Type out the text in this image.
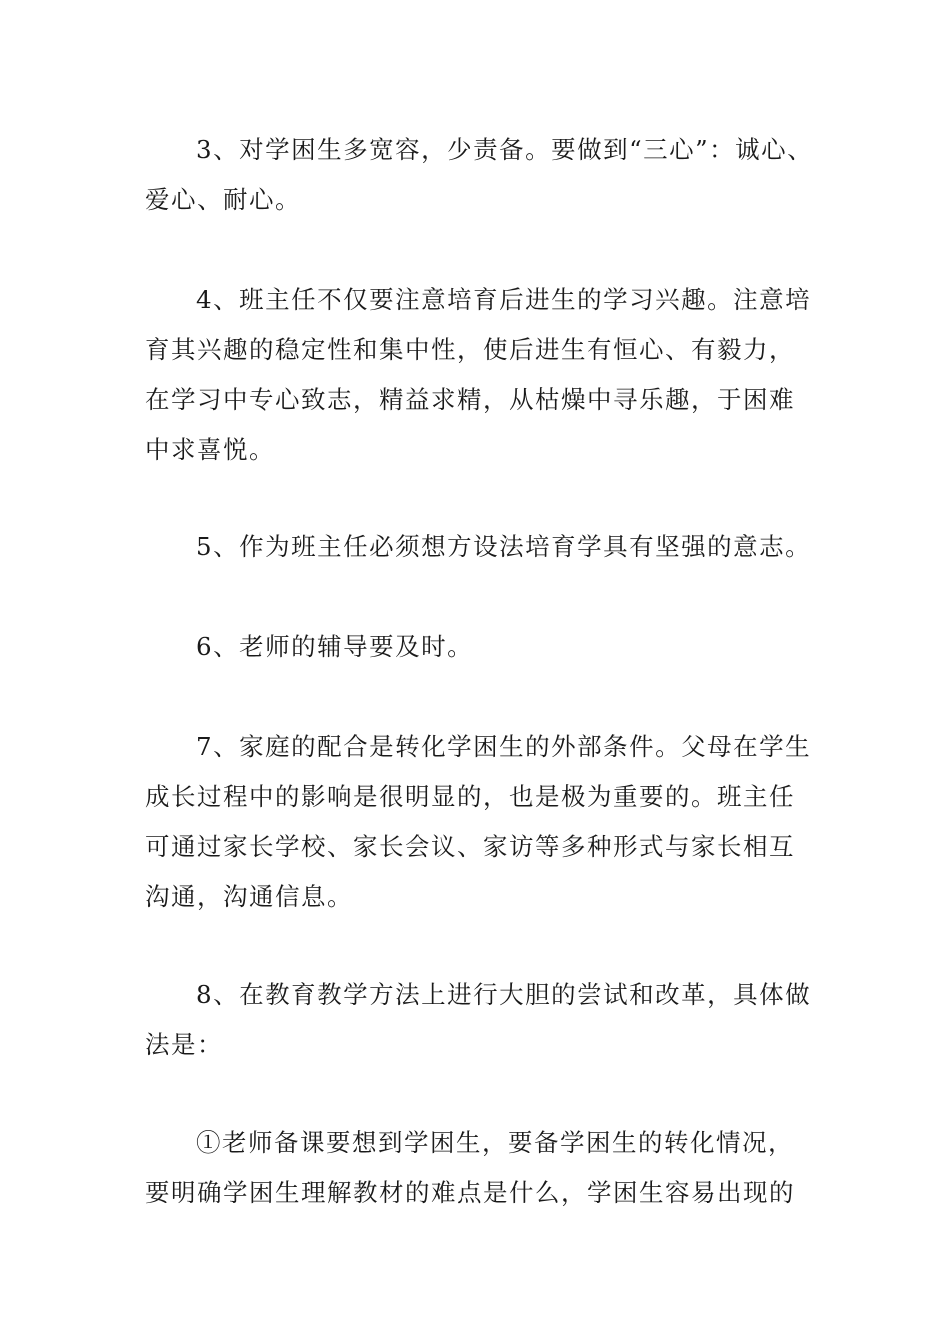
3、对学困生多宽容，少责备。要做到“三心”：诚心、
爱心、耐心。

4、班主任不仅要注意培育后进生的学习兴趣。注意培
育其兴趣的稳定性和集中性，使后进生有恒心、有毅力，
在学习中专心致志，精益求精，从枯燥中寻乐趣，于困难
中求喜悦。

5、作为班主任必须想方设法培育学具有坚强的意志。

6、老师的辅导要及时。

7、家庭的配合是转化学困生的外部条件。父母在学生
成长过程中的影响是很明显的，也是极为重要的。班主任
可通过家长学校、家长会议、家访等多种形式与家长相互
沟通，沟通信息。

8、在教育教学方法上进行大胆的尝试和改革，具体做
法是：

①老师备课要想到学困生，要备学困生的转化情况，
要明确学困生理解教材的难点是什么，学困生容易出现的
